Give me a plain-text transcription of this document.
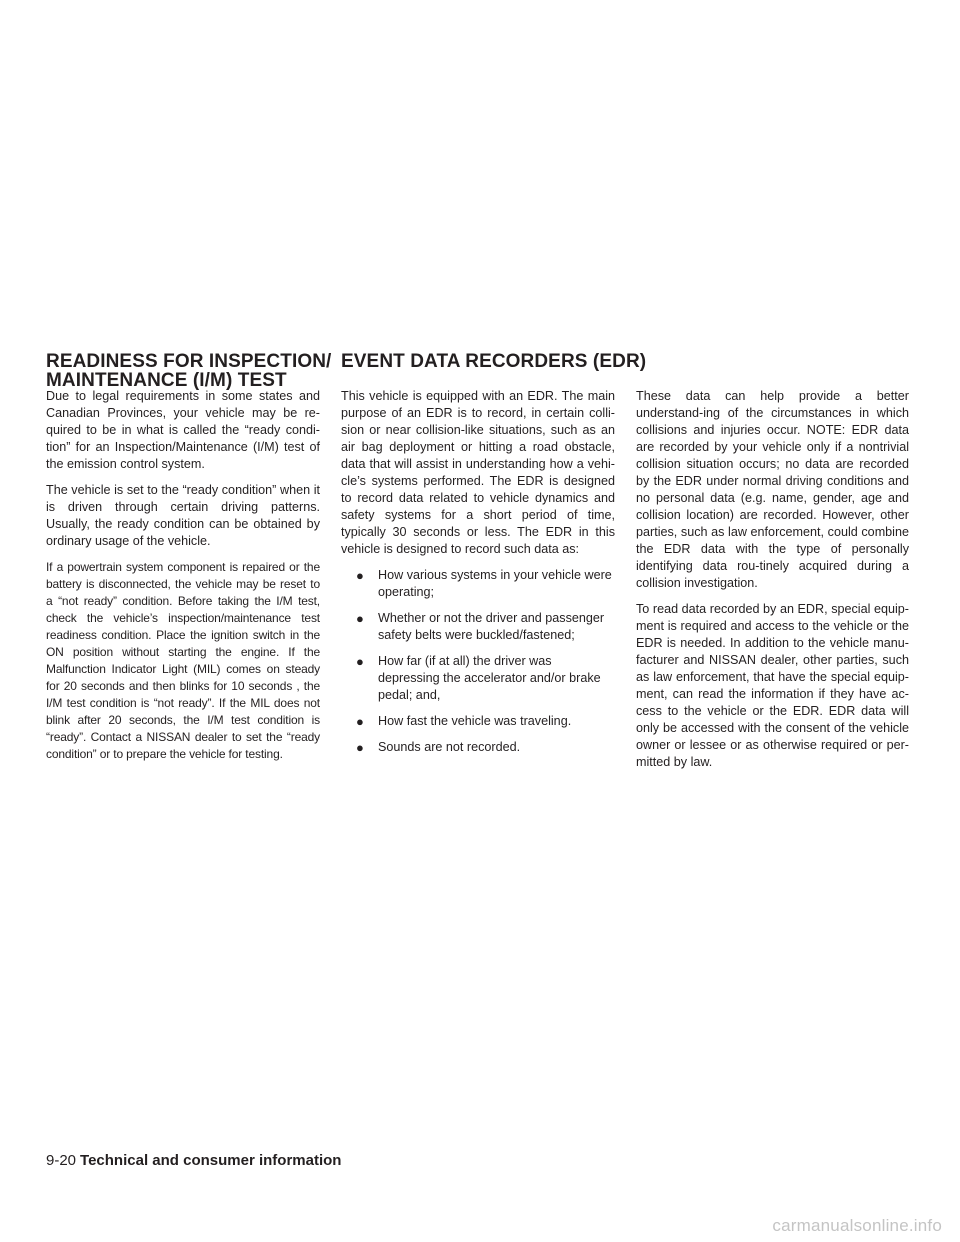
READINESS FOR INSPECTION/
MAINTENANCE (I/M) TEST
EVENT DATA RECORDERS (EDR)

Due to legal requirements in some states and Canadian Provinces, your vehicle may be re-quired to be in what is called the “ready condi-tion” for an Inspection/Maintenance (I/M) test of the emission control system.

The vehicle is set to the “ready condition” when it is driven through certain driving patterns. Usually, the ready condition can be obtained by ordinary usage of the vehicle.

If a powertrain system component is repaired or the battery is disconnected, the vehicle may be reset to a “not ready” condition. Before taking the I/M test, check the vehicle’s inspection/maintenance test readiness condition. Place the ignition switch in the ON position without starting the engine. If the Malfunction Indicator Light (MIL) comes on steady for 20 seconds and then blinks for 10 seconds , the I/M test condition is “not ready”. If the MIL does not blink after 20 seconds, the I/M test condition is “ready”. Contact a NISSAN dealer to set the “ready condition” or to prepare the vehicle for testing.

This vehicle is equipped with an EDR. The main purpose of an EDR is to record, in certain colli-sion or near collision-like situations, such as an air bag deployment or hitting a road obstacle, data that will assist in understanding how a vehi-cle’s systems performed. The EDR is designed to record data related to vehicle dynamics and safety systems for a short period of time, typically 30 seconds or less. The EDR in this vehicle is designed to record such data as:

● How various systems in your vehicle were operating;
● Whether or not the driver and passenger safety belts were buckled/fastened;
● How far (if at all) the driver was depressing the accelerator and/or brake pedal; and,
● How fast the vehicle was traveling.
● Sounds are not recorded.

These data can help provide a better understand-ing of the circumstances in which collisions and injuries occur. NOTE: EDR data are recorded by your vehicle only if a nontrivial collision situation occurs; no data are recorded by the EDR under normal driving conditions and no personal data (e.g. name, gender, age and collision location) are recorded. However, other parties, such as law enforcement, could combine the EDR data with the type of personally identifying data rou-tinely acquired during a collision investigation.

To read data recorded by an EDR, special equip-ment is required and access to the vehicle or the EDR is needed. In addition to the vehicle manu-facturer and NISSAN dealer, other parties, such as law enforcement, that have the special equip-ment, can read the information if they have ac-cess to the vehicle or the EDR. EDR data will only be accessed with the consent of the vehicle owner or lessee or as otherwise required or per-mitted by law.

9-20 Technical and consumer information
carmanualsonline.info
